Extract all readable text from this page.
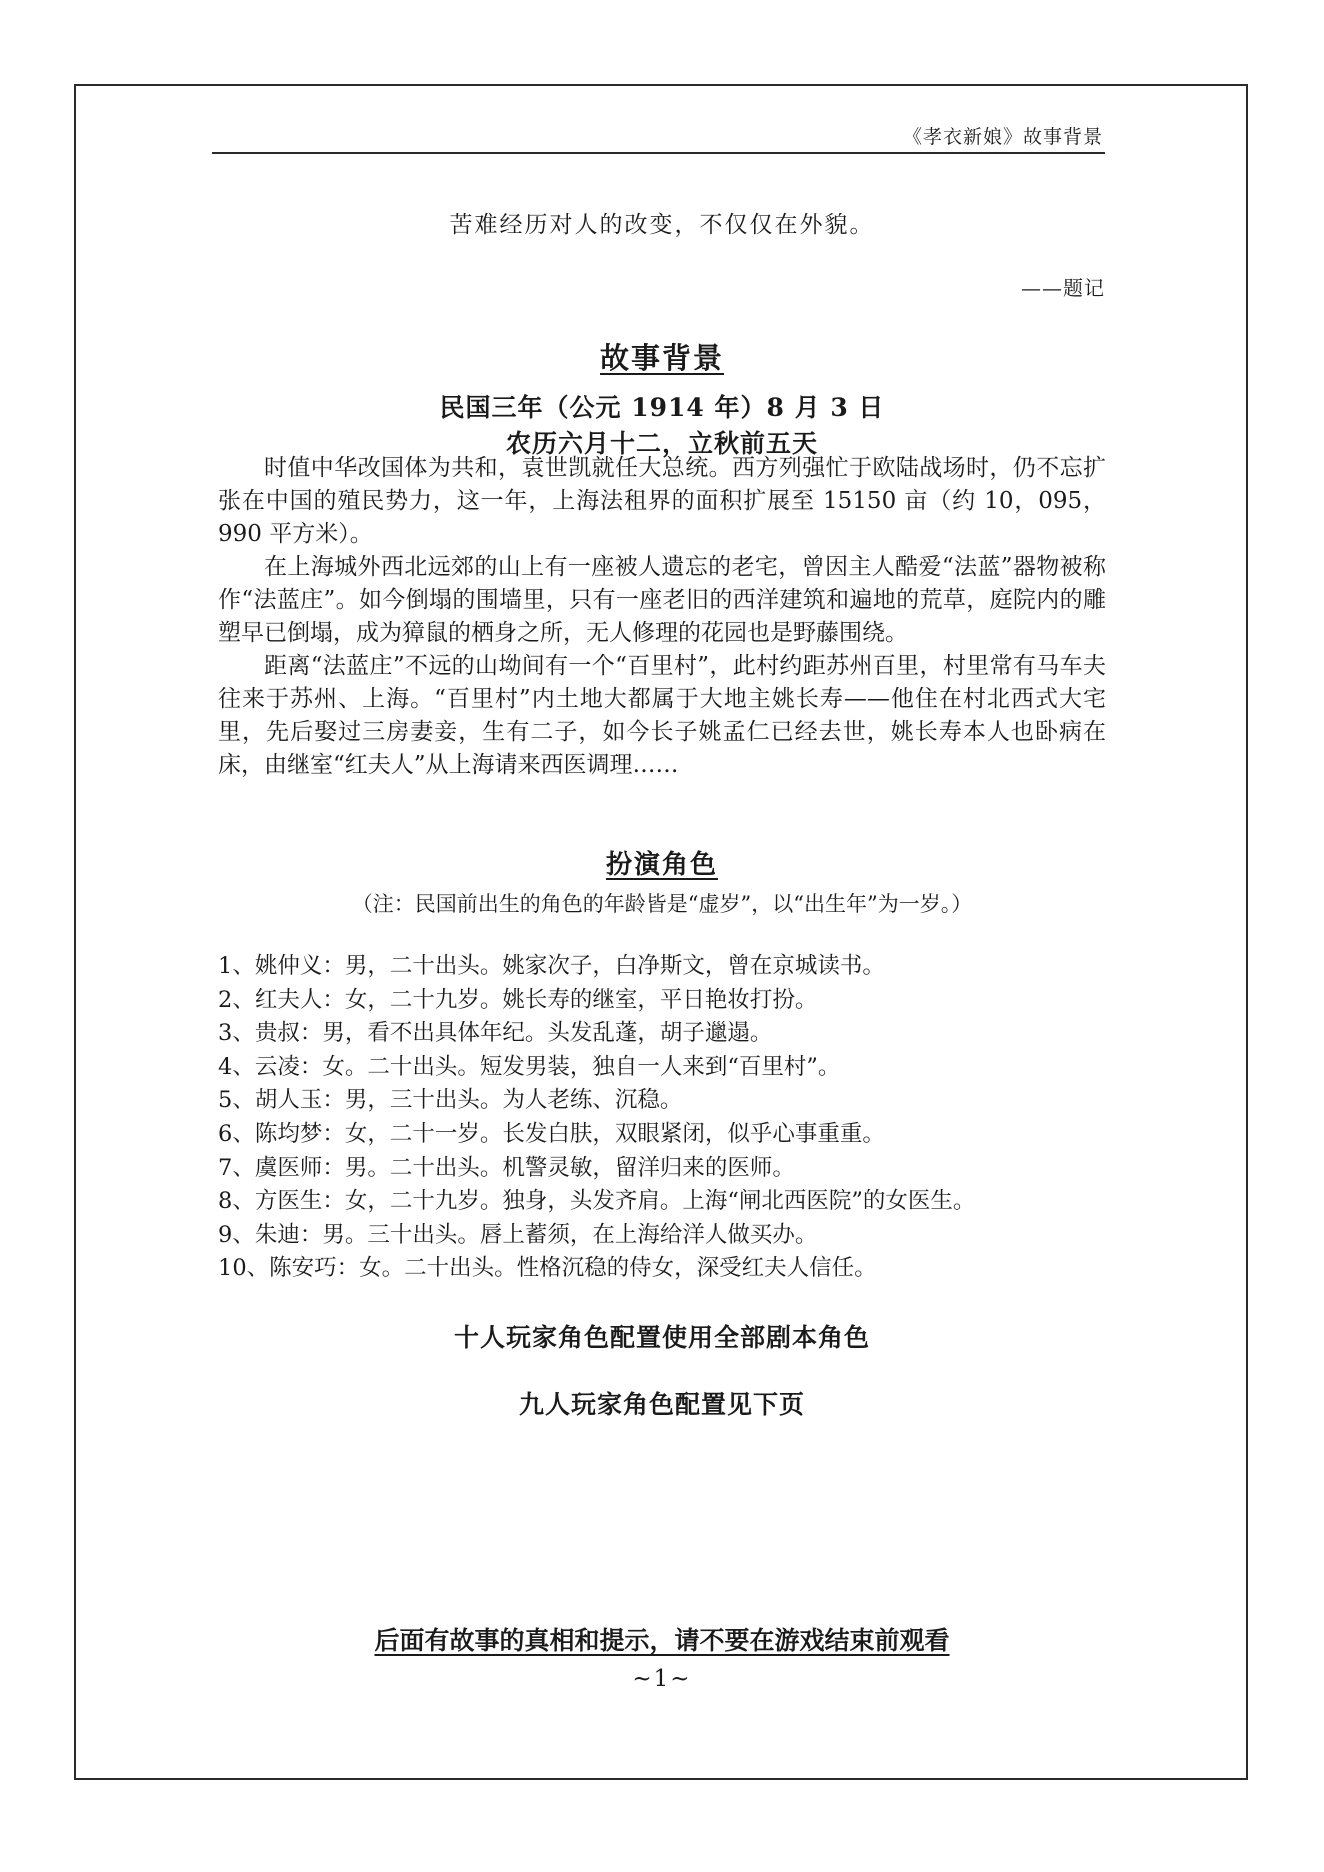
《孝衣新娘》故事背景
苦难经历对人的改变，不仅仅在外貌。
——题记
故事背景
民国三年（公元 1914 年）8 月 3 日
农历六月十二，立秋前五天

时值中华改国体为共和，袁世凯就任大总统。西方列强忙于欧陆战场时，仍不忘扩张在中国的殖民势力，这一年，上海法租界的面积扩展至 15150 亩（约 10，095，990 平方米）。

在上海城外西北远郊的山上有一座被人遗忘的老宅，曾因主人酷爱“法蓝”器物被称作“法蓝庄”。如今倒塌的围墙里，只有一座老旧的西洋建筑和遍地的荒草，庭院内的雕塑早已倒塌，成为獐鼠的栖身之所，无人修理的花园也是野藤围绕。

距离“法蓝庄”不远的山坳间有一个“百里村”，此村约距苏州百里，村里常有马车夫往来于苏州、上海。“百里村”内土地大都属于大地主姚长寿——他住在村北西式大宅里，先后娶过三房妻妾，生有二子，如今长子姚孟仁已经去世，姚长寿本人也卧病在床，由继室“红夫人”从上海请来西医调理……

扮演角色
（注：民国前出生的角色的年龄皆是“虚岁”，以“出生年”为一岁。）
1、姚仲义：男，二十出头。姚家次子，白净斯文，曾在京城读书。
2、红夫人：女，二十九岁。姚长寿的继室，平日艳妆打扮。
3、贵叔：男，看不出具体年纪。头发乱蓬，胡子邋遢。
4、云凌：女。二十出头。短发男装，独自一人来到“百里村”。
5、胡人玉：男，三十出头。为人老练、沉稳。
6、陈均梦：女，二十一岁。长发白肤，双眼紧闭，似乎心事重重。
7、虞医师：男。二十出头。机警灵敏，留洋归来的医师。
8、方医生：女，二十九岁。独身，头发齐肩。上海“闸北西医院”的女医生。
9、朱迪：男。三十出头。唇上蓄须，在上海给洋人做买办。
10、陈安巧：女。二十出头。性格沉稳的侍女，深受红夫人信任。
十人玩家角色配置使用全部剧本角色
九人玩家角色配置见下页
后面有故事的真相和提示，请不要在游戏结束前观看
~1~
